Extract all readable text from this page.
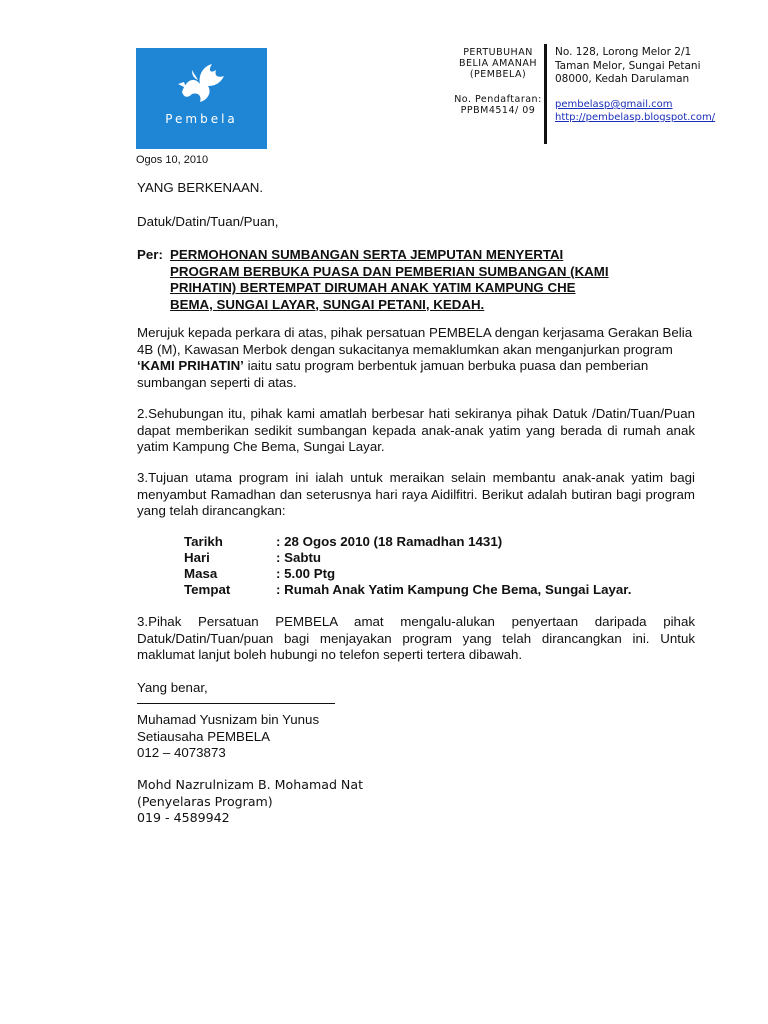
Pembela
PERTUBUHAN
BELIA AMANAH
(PEMBELA)
No. Pendaftaran:
PPBM4514/ 09
No. 128, Lorong Melor 2/1
Taman Melor, Sungai Petani
08000, Kedah Darulaman
pembelasp@gmail.com
http://pembelasp.blogspot.com/
Ogos 10, 2010
YANG BERKENAAN.
Datuk/Datin/Tuan/Puan,
Per: PERMOHONAN SUMBANGAN SERTA JEMPUTAN MENYERTAI
PROGRAM BERBUKA PUASA DAN PEMBERIAN SUMBANGAN (KAMI
PRIHATIN) BERTEMPAT DIRUMAH ANAK YATIM KAMPUNG CHE
BEMA, SUNGAI LAYAR, SUNGAI PETANI, KEDAH.
Merujuk kepada perkara di atas, pihak persatuan PEMBELA dengan kerjasama Gerakan Belia 4B (M), Kawasan Merbok dengan sukacitanya memaklumkan akan menganjurkan program ‘KAMI PRIHATIN’ iaitu satu program berbentuk jamuan berbuka puasa dan pemberian sumbangan seperti di atas.
2.Sehubungan itu, pihak kami amatlah berbesar hati sekiranya pihak Datuk /Datin/Tuan/Puan dapat memberikan sedikit sumbangan kepada anak-anak yatim yang berada di rumah anak yatim Kampung Che Bema, Sungai Layar.
3.Tujuan utama program ini ialah untuk meraikan selain membantu anak-anak yatim bagi menyambut Ramadhan dan seterusnya hari raya Aidilfitri. Berikut adalah butiran bagi program yang telah dirancangkan:
Tarikh	: 28 Ogos 2010 (18 Ramadhan 1431)
Hari	: Sabtu
Masa	: 5.00 Ptg
Tempat	: Rumah Anak Yatim Kampung Che Bema, Sungai Layar.
3.Pihak Persatuan PEMBELA amat mengalu-alukan penyertaan daripada pihak Datuk/Datin/Tuan/puan bagi menjayakan program yang telah dirancangkan ini. Untuk maklumat lanjut boleh hubungi no telefon seperti tertera dibawah.
Yang benar,
Muhamad Yusnizam bin Yunus
Setiausaha PEMBELA
012 – 4073873
Mohd Nazrulnizam B. Mohamad Nat
(Penyelaras Program)
019 - 4589942
